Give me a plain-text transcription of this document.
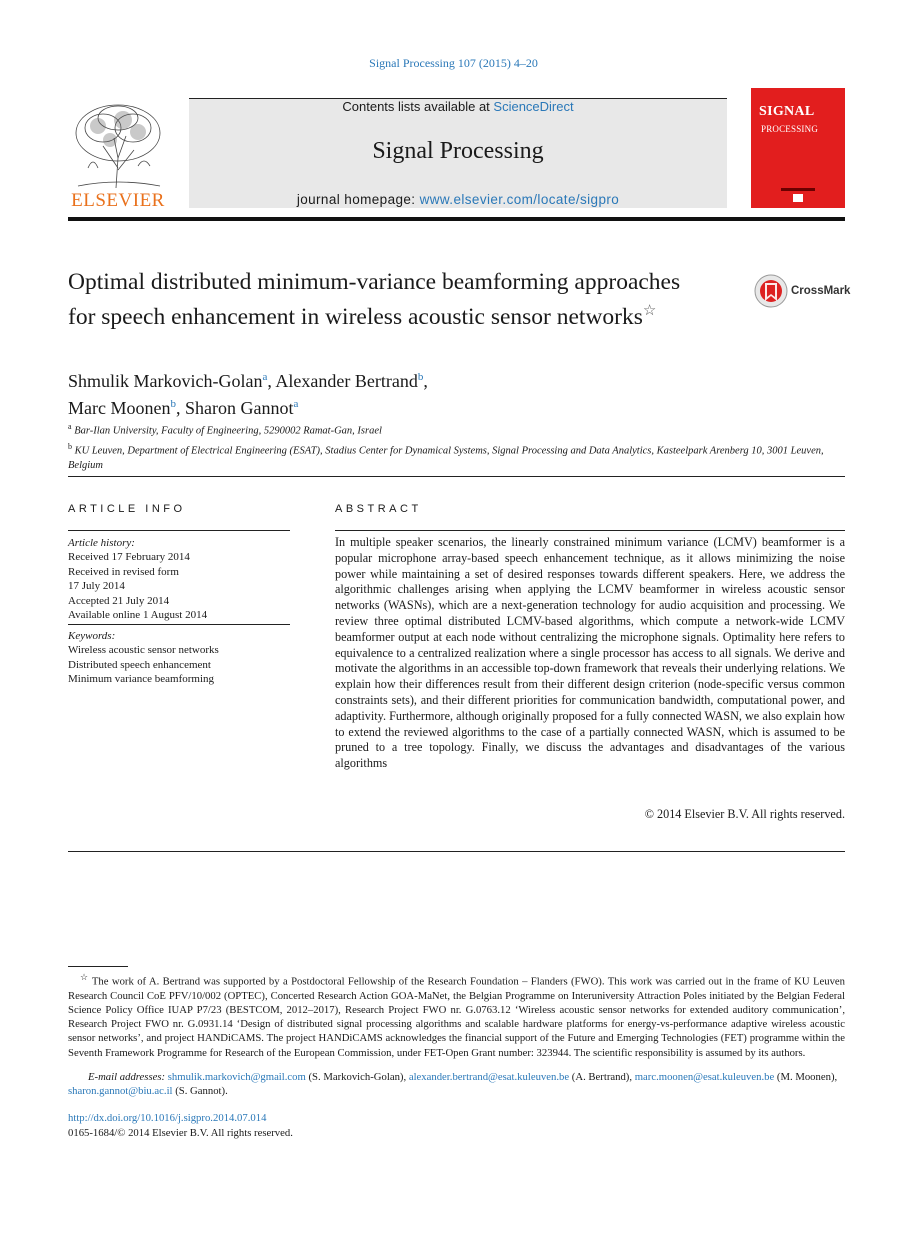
Signal Processing 107 (2015) 4–20
ELSEVIER
Contents lists available at ScienceDirect
Signal Processing
journal homepage: www.elsevier.com/locate/sigpro
SIGNAL
PROCESSING
Optimal distributed minimum-variance beamforming approaches for speech enhancement in wireless acoustic sensor networks☆
CrossMark
Shmulik Markovich-Golan$^a$, Alexander Bertrand$^b$,
Marc Moonen$^b$, Sharon Gannot$^a$
$^a$ Bar-Ilan University, Faculty of Engineering, 5290002 Ramat-Gan, Israel
$^b$ KU Leuven, Department of Electrical Engineering (ESAT), Stadius Center for Dynamical Systems, Signal Processing and Data Analytics, Kasteelpark Arenberg 10, 3001 Leuven, Belgium
ARTICLE INFO
Article history:
Received 17 February 2014
Received in revised form
17 July 2014
Accepted 21 July 2014
Available online 1 August 2014
Keywords:
Wireless acoustic sensor networks
Distributed speech enhancement
Minimum variance beamforming
ABSTRACT
In multiple speaker scenarios, the linearly constrained minimum variance (LCMV) beamformer is a popular microphone array-based speech enhancement technique, as it allows minimizing the noise power while maintaining a set of desired responses towards different speakers. Here, we address the algorithmic challenges arising when applying the LCMV beamformer in wireless acoustic sensor networks (WASNs), which are a next-generation technology for audio acquisition and processing. We review three optimal distributed LCMV-based algorithms, which compute a network-wide LCMV beamformer output at each node without centralizing the microphone signals. Optimality here refers to equivalence to a centralized realization where a single processor has access to all signals. We derive and motivate the algorithms in an accessible top-down framework that reveals their underlying relations. We explain how their differences result from their different design criterion (node-specific versus common constraints sets), and their different priorities for communication bandwidth, computational power, and adaptivity. Furthermore, although originally proposed for a fully connected WASN, we also explain how to extend the reviewed algorithms to the case of a partially connected WASN, which is assumed to be pruned to a tree topology. Finally, we discuss the advantages and disadvantages of the various algorithms
© 2014 Elsevier B.V. All rights reserved.
☆ The work of A. Bertrand was supported by a Postdoctoral Fellowship of the Research Foundation – Flanders (FWO). This work was carried out in the frame of KU Leuven Research Council CoE PFV/10/002 (OPTEC), Concerted Research Action GOA-MaNet, the Belgian Programme on Interuniversity Attraction Poles initiated by the Belgian Federal Science Policy Office IUAP P7/23 (BESTCOM, 2012–2017), Research Project FWO nr. G.0763.12 ‘Wireless acoustic sensor networks for extended auditory communication’, Research Project FWO nr. G.0931.14 ‘Design of distributed signal processing algorithms and scalable hardware platforms for energy-vs-performance adaptive wireless acoustic sensor networks’, and project HANDiCAMS. The project HANDiCAMS acknowledges the financial support of the Future and Emerging Technologies (FET) programme within the Seventh Framework Programme for Research of the European Commission, under FET-Open Grant number: 323944. The scientific responsibility is assumed by its authors.
E-mail addresses: shmulik.markovich@gmail.com (S. Markovich-Golan), alexander.bertrand@esat.kuleuven.be (A. Bertrand), marc.moonen@esat.kuleuven.be (M. Moonen), sharon.gannot@biu.ac.il (S. Gannot).
http://dx.doi.org/10.1016/j.sigpro.2014.07.014
0165-1684/© 2014 Elsevier B.V. All rights reserved.
